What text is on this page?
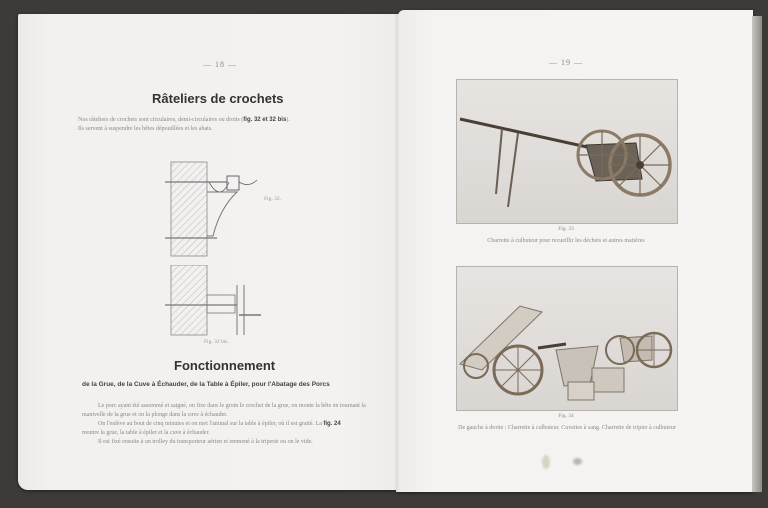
— 18 —
Râteliers de crochets
Nos râteliers de crochets sont circulaires, demi-circulaires ou droits (fig. 32 et 32 bis).
Ils servent à suspendre les bêtes dépouillées et les abats.
Fig. 32.
Fig. 32 bis.
Fonctionnement
de la Grue, de la Cuve à Échauder, de la Table à Épiler, pour l'Abatage des Porcs
Le porc ayant été assommé et saigné, on fixe dans le groin le crochet de la grue, on monte la bête en tournant la manivelle de la grue et on la plonge dans la cuve à échauder.
On l'enlève au bout de cinq minutes et on met l'animal sur la table à épiler, où il est gratté. La fig. 24
montre la grue, la table à épiler et la cuve à échauder.
Il est fixé ensuite à un trolley du transporteur aérien et emmené à la triperie ou on le vide.
— 19 —
Fig. 33
Charrette à culbuteur pour recueillir les déchets et autres matières
Fig. 34
De gauche à droite : Charrette à culbuteur. Cuvettes à sang. Charrette de tripier à culbuteur
